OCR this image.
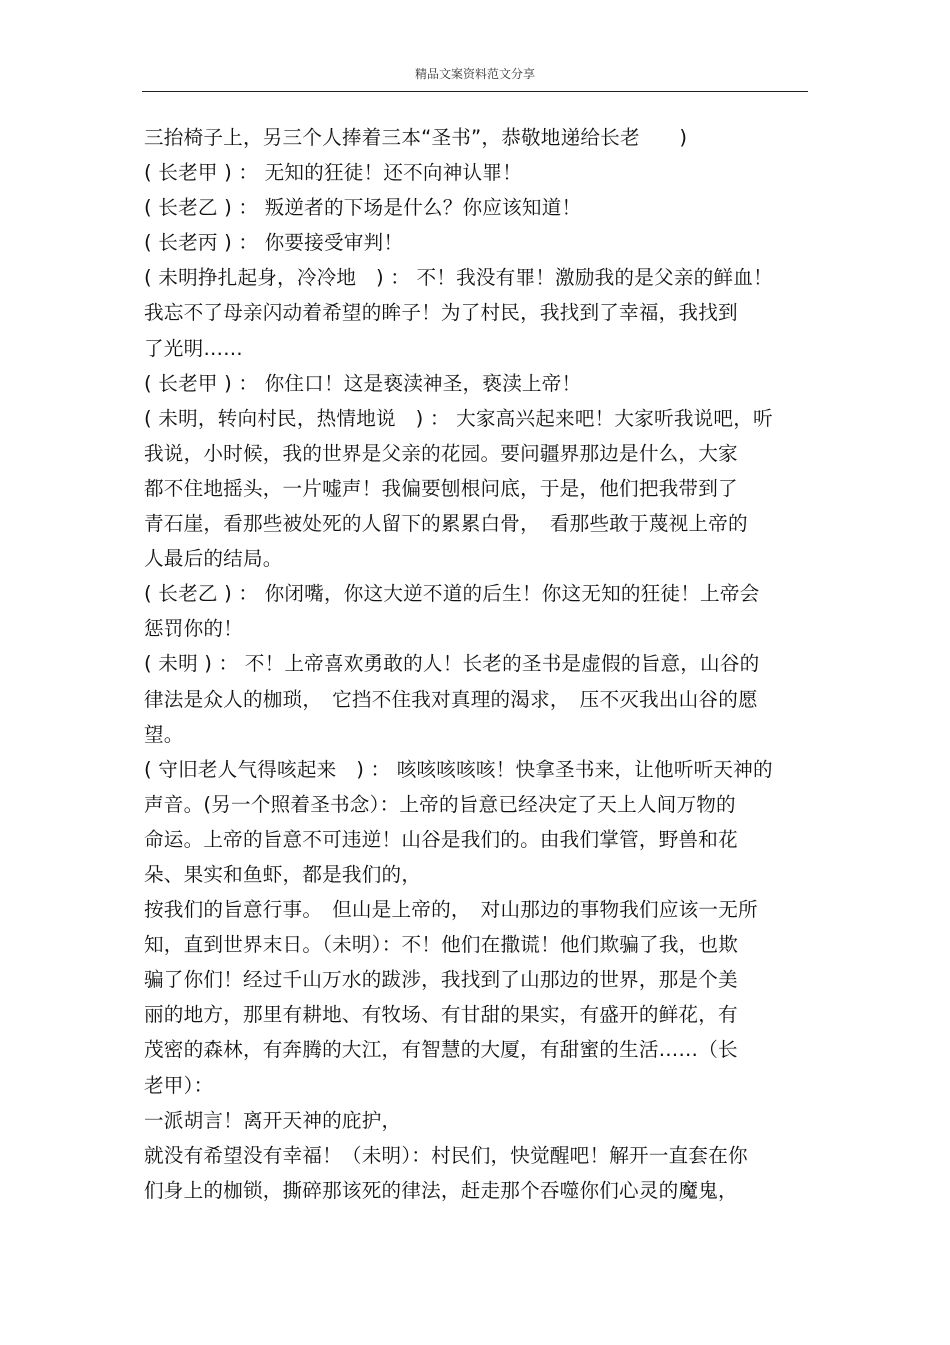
精品文案资料范文分享
三抬椅子上，另三个人捧着三本“圣书”，恭敬地递给长老　　)
( 长老甲 ) ： 无知的狂徒！还不向神认罪！
( 长老乙 ) ： 叛逆者的下场是什么？你应该知道！
( 长老丙 ) ： 你要接受审判！
( 未明挣扎起身，冷冷地　) ： 不！我没有罪！激励我的是父亲的鲜血！
我忘不了母亲闪动着希望的眸子！为了村民，我找到了幸福，我找到
了光明……
( 长老甲 ) ： 你住口！这是亵渎神圣，亵渎上帝！
( 未明，转向村民，热情地说　) ： 大家高兴起来吧！大家听我说吧，听
我说，小时候，我的世界是父亲的花园。要问疆界那边是什么，大家
都不住地摇头，一片嘘声！我偏要刨根问底，于是，他们把我带到了
青石崖，看那些被处死的人留下的累累白骨，　看那些敢于蔑视上帝的
人最后的结局。
( 长老乙 ) ： 你闭嘴，你这大逆不道的后生！你这无知的狂徒！上帝会
惩罚你的！
( 未明 ) ： 不！上帝喜欢勇敢的人！长老的圣书是虚假的旨意，山谷的
律法是众人的枷琐，　它挡不住我对真理的渴求，　压不灭我出山谷的愿
望。
( 守旧老人气得咳起来　) ： 咳咳咳咳咳！快拿圣书来，让他听听天神的
声音。(另一个照着圣书念）：上帝的旨意已经决定了天上人间万物的
命运。上帝的旨意不可违逆！山谷是我们的。由我们掌管，野兽和花
朵、果实和鱼虾，都是我们的，
按我们的旨意行事。　但山是上帝的，　对山那边的事物我们应该一无所
知，直到世界末日。（未明）：不！他们在撒谎！他们欺骗了我，也欺
骗了你们！经过千山万水的跋涉，我找到了山那边的世界，那是个美
丽的地方，那里有耕地、有牧场、有甘甜的果实，有盛开的鲜花，有
茂密的森林，有奔腾的大江，有智慧的大厦，有甜蜜的生活……（长
老甲）：
一派胡言！离开天神的庇护，
就没有希望没有幸福！（未明）：村民们，快觉醒吧！解开一直套在你
们身上的枷锁，撕碎那该死的律法，赶走那个吞噬你们心灵的魔鬼，
